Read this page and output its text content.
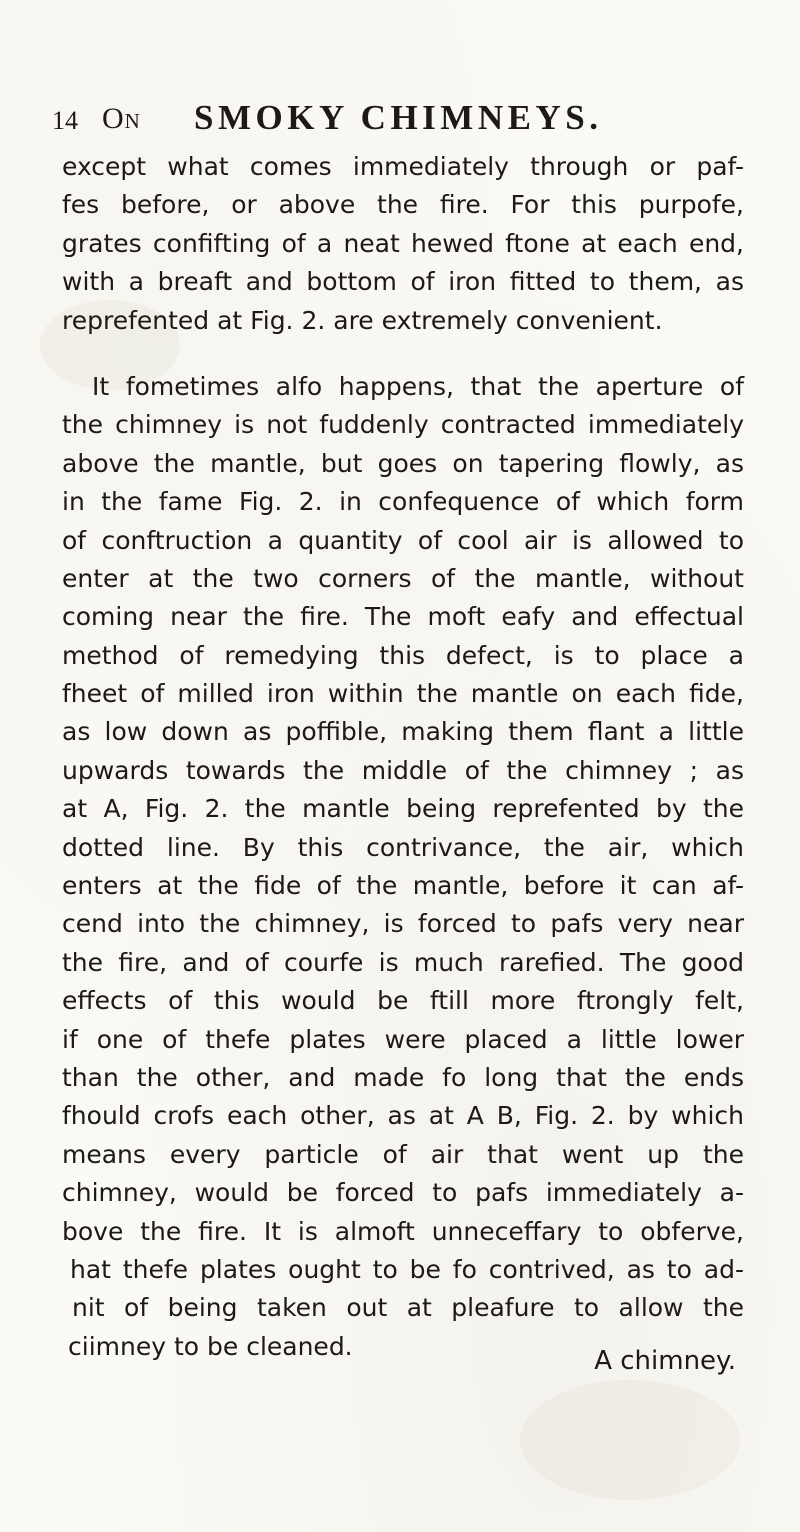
14 On SMOKY CHIMNEYS.
except what comes immediately through or paf-
fes before, or above the fire. For this purpofe,
grates confifting of a neat hewed ftone at each end,
with a breaft and bottom of iron fitted to them, as
reprefented at Fig. 2. are extremely convenient.
It fometimes alfo happens, that the aperture of
the chimney is not fuddenly contracted immediately
above the mantle, but goes on tapering flowly, as
in the fame Fig. 2. in confequence of which form
of conftruction a quantity of cool air is allowed to
enter at the two corners of the mantle, without
coming near the fire. The moft eafy and effectual
method of remedying this defect, is to place a
fheet of milled iron within the mantle on each fide,
as low down as poffible, making them flant a little
upwards towards the middle of the chimney ; as
at A, Fig. 2. the mantle being reprefented by the
dotted line. By this contrivance, the air, which
enters at the fide of the mantle, before it can af-
cend into the chimney, is forced to pafs very near
the fire, and of courfe is much rarefied. The good
effects of this would be ftill more ftrongly felt,
if one of thefe plates were placed a little lower
than the other, and made fo long that the ends
fhould crofs each other, as at A B, Fig. 2. by which
means every particle of air that went up the
chimney, would be forced to pafs immediately a-
bove the fire. It is almoft unneceffary to obferve,
hat thefe plates ought to be fo contrived, as to ad-
nit of being taken out at pleafure to allow the
ciimney to be cleaned.	A chimney.
